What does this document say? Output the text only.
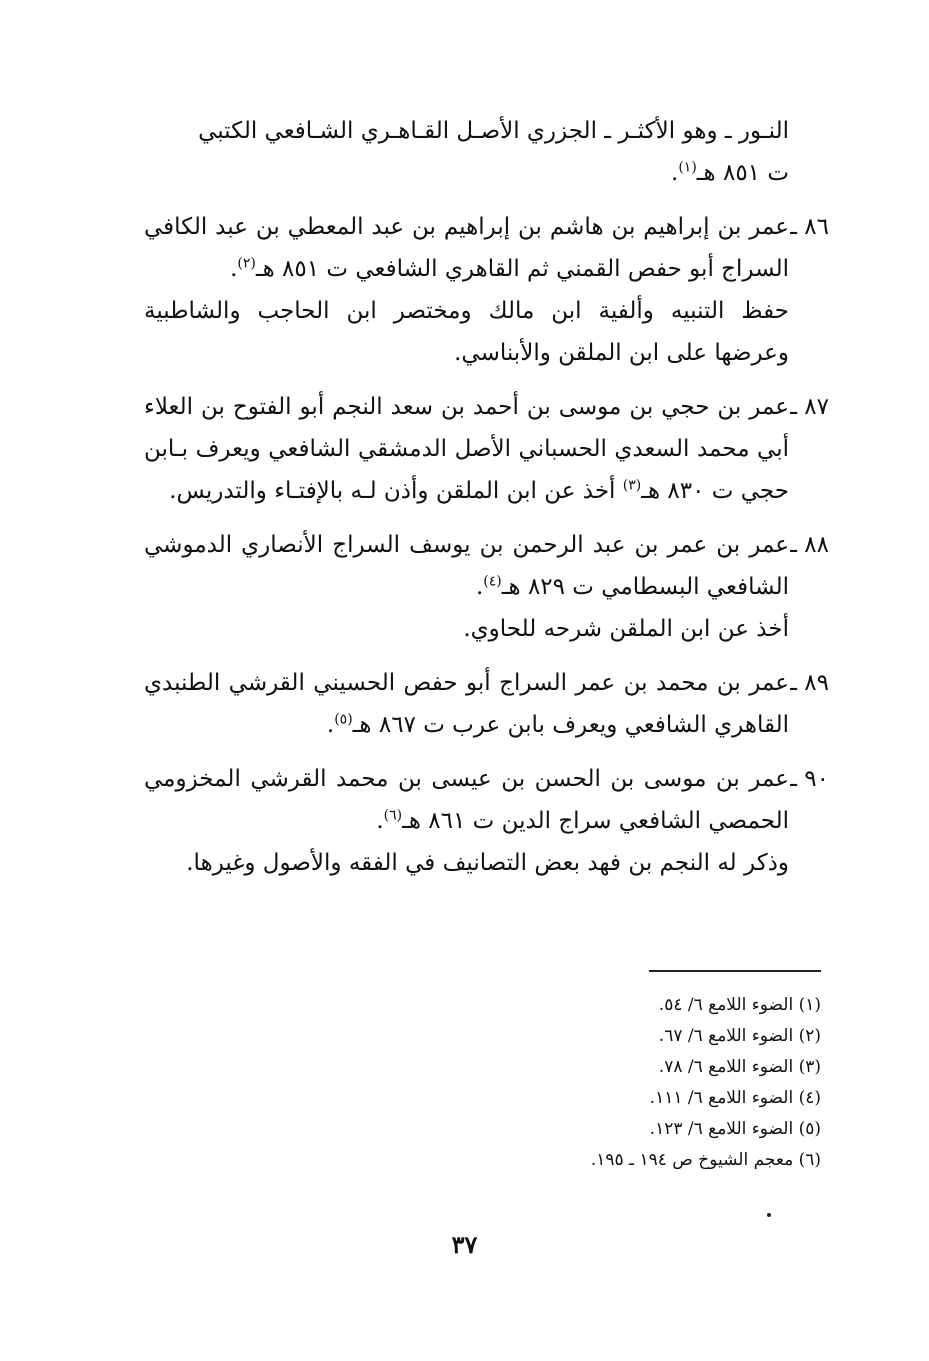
النـور ـ وهو الأكثـر ـ الجزري الأصـل القـاهـري الشـافعي الكتبي
ت ٨٥١ هـ$^{(١)}$.

٨٦ ـ
عمر بن إبراهيم بن هاشم بن إبراهيم بن عبد المعطي بن عبد الكافي السراج أبو حفص القمني ثم القاهري الشافعي ت ٨٥١ هـ$^{(٢)}$.

حفظ التنبيه وألفية ابن مالك ومختصر ابن الحاجب والشاطبية وعرضها على ابن الملقن والأبناسي.

٨٧ ـ
عمر بن حجي بن موسى بن أحمد بن سعد النجم أبو الفتوح بن العلاء أبي محمد السعدي الحسباني الأصل الدمشقي الشافعي ويعرف بـابن حجي ت ٨٣٠ هـ$^{(٣)}$ أخذ عن ابن الملقن وأذن لـه بالإفتـاء والتدريس.

٨٨ ـ
عمر بن عمر بن عبد الرحمن بن يوسف السراج الأنصاري الدموشي الشافعي البسطامي ت ٨٢٩ هـ$^{(٤)}$.

أخذ عن ابن الملقن شرحه للحاوي.

٨٩ ـ
عمر بن محمد بن عمر السراج أبو حفص الحسيني القرشي الطنبدي القاهري الشافعي ويعرف بابن عرب ت ٨٦٧ هـ$^{(٥)}$.

٩٠ ـ
عمر بن موسى بن الحسن بن عيسى بن محمد القرشي المخزومي الحمصي الشافعي سراج الدين ت ٨٦١ هـ$^{(٦)}$.

وذكر له النجم بن فهد بعض التصانيف في الفقه والأصول وغيرها.

(١) الضوء اللامع ٦/ ٥٤.
(٢) الضوء اللامع ٦/ ٦٧.
(٣) الضوء اللامع ٦/ ٧٨.
(٤) الضوء اللامع ٦/ ١١١.
(٥) الضوء اللامع ٦/ ١٢٣.
(٦) معجم الشيوخ ص ١٩٤ ـ ١٩٥.
٣٧
